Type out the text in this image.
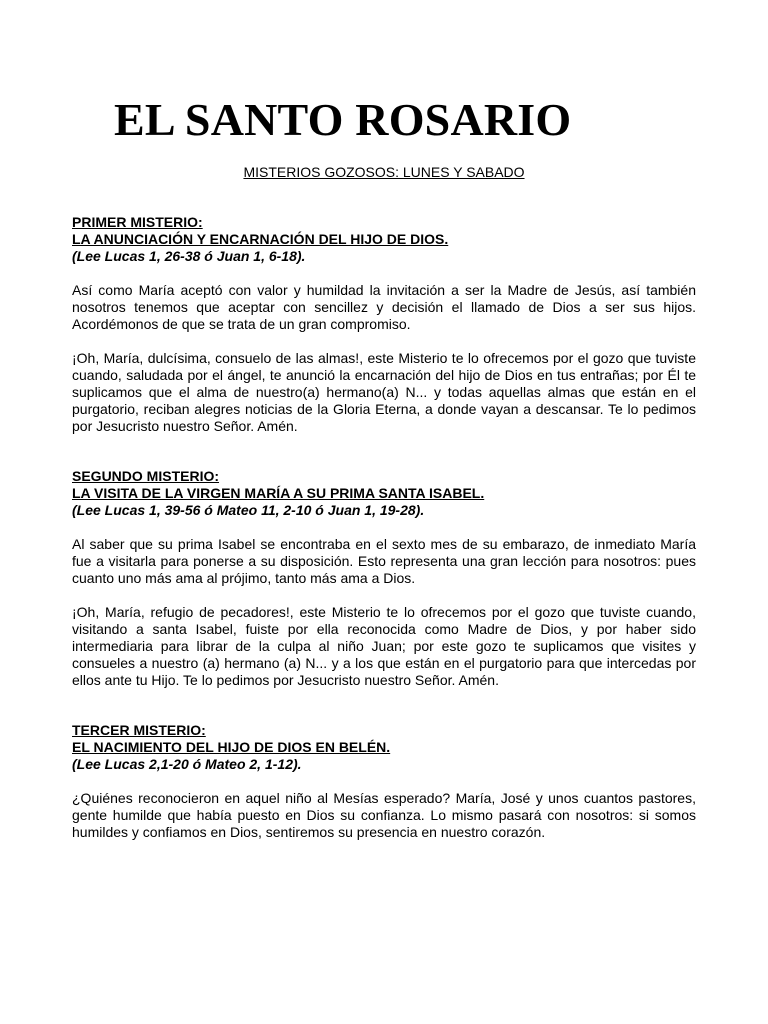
EL SANTO ROSARIO
MISTERIOS GOZOSOS: LUNES Y SABADO
PRIMER MISTERIO:
LA ANUNCIACIÓN Y ENCARNACIÓN DEL HIJO DE DIOS.
(Lee Lucas 1, 26-38 ó Juan 1, 6-18).

Así como María aceptó con valor y humildad la invitación a ser la Madre de Jesús, así también nosotros tenemos que aceptar con sencillez y decisión el llamado de Dios a ser sus hijos. Acordémonos de que se trata de un gran compromiso.

¡Oh, María, dulcísima, consuelo de las almas!, este Misterio te lo ofrecemos por el gozo que tuviste cuando, saludada por el ángel, te anunció la encarnación del hijo de Dios en tus entrañas; por Él te suplicamos que el alma de nuestro(a) hermano(a) N... y todas aquellas almas que están en el purgatorio, reciban alegres noticias de la Gloria Eterna, a donde vayan a descansar. Te lo pedimos por Jesucristo nuestro Señor. Amén.

SEGUNDO MISTERIO:
LA VISITA DE LA VIRGEN MARÍA A SU PRIMA SANTA ISABEL.
(Lee Lucas 1, 39-56 ó Mateo 11, 2-10 ó Juan 1, 19-28).

Al saber que su prima Isabel se encontraba en el sexto mes de su embarazo, de inmediato María fue a visitarla para ponerse a su disposición. Esto representa una gran lección para nosotros: pues cuanto uno más ama al prójimo, tanto más ama a Dios.

¡Oh, María, refugio de pecadores!, este Misterio te lo ofrecemos por el gozo que tuviste cuando, visitando a santa Isabel, fuiste por ella reconocida como Madre de Dios, y por haber sido intermediaria para librar de la culpa al niño Juan; por este gozo te suplicamos que visites y consueles a nuestro (a) hermano (a) N... y a los que están en el purgatorio para que intercedas por ellos ante tu Hijo. Te lo pedimos por Jesucristo nuestro Señor. Amén.

TERCER MISTERIO:
EL NACIMIENTO DEL HIJO DE DIOS EN BELÉN.
(Lee Lucas 2,1-20 ó Mateo 2, 1-12).

¿Quiénes reconocieron en aquel niño al Mesías esperado? María, José y unos cuantos pastores, gente humilde que había puesto en Dios su confianza. Lo mismo pasará con nosotros: si somos humildes y confiamos en Dios, sentiremos su presencia en nuestro corazón.
